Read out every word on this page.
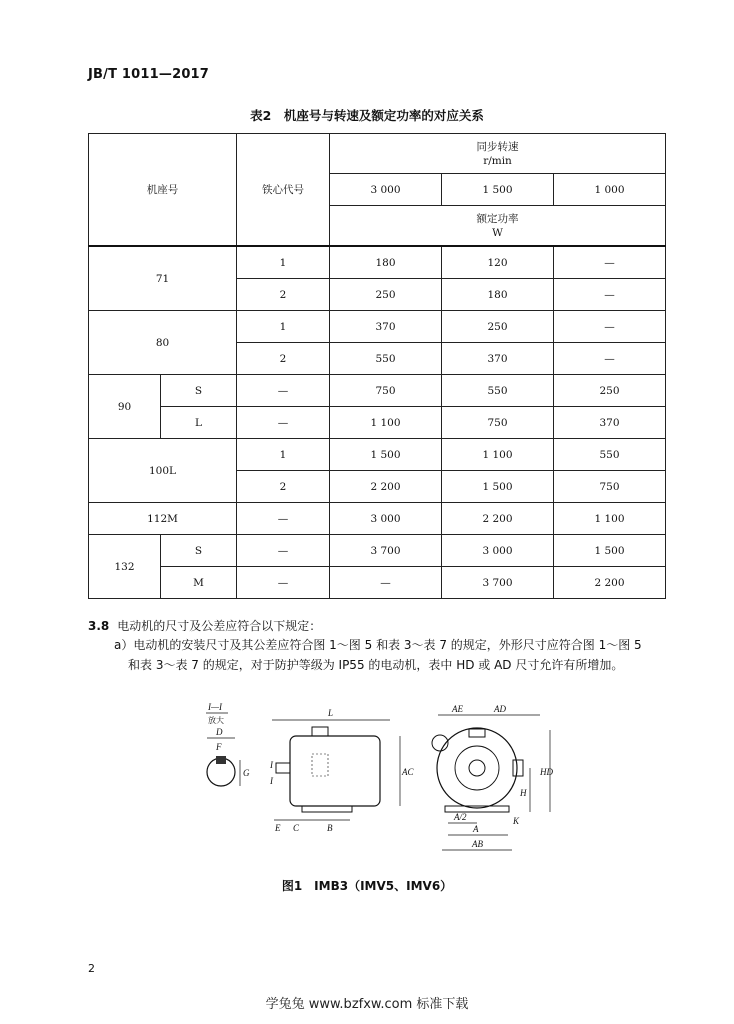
JB/T 1011—2017
表2　机座号与转速及额定功率的对应关系
机座号		铁心代号	同步转速
r/min		

			3 000	1 500	1 000

			额定功率
W		

71		1	180	120	—
		2	250	180	—
80		1	370	250	—
		2	550	370	—
90	S	—	750	550	250
	L	—	1 100	750	370
100L		1	1 500	1 100	550
		2	2 200	1 500	750
112M		—	3 000	2 200	1 100
132	S	—	3 700	3 000	1 500
	M	—	—	3 700	2 200
3.8 电动机的尺寸及公差应符合以下规定：
a）电动机的安装尺寸及其公差应符合图 1～图 5 和表 3～表 7 的规定，外形尺寸应符合图 1～图 5
和表 3～表 7 的规定，对于防护等级为 IP55 的电动机，表中 HD 或 AD 尺寸允许有所增加。
I—I
放大
D
F
G
L
AC
I
I
E C	B
AE	AD
HD
H
A/2
A
K
AB
图1　IMB3（IMV5、IMV6）
2
学兔兔 www.bzfxw.com 标准下载
